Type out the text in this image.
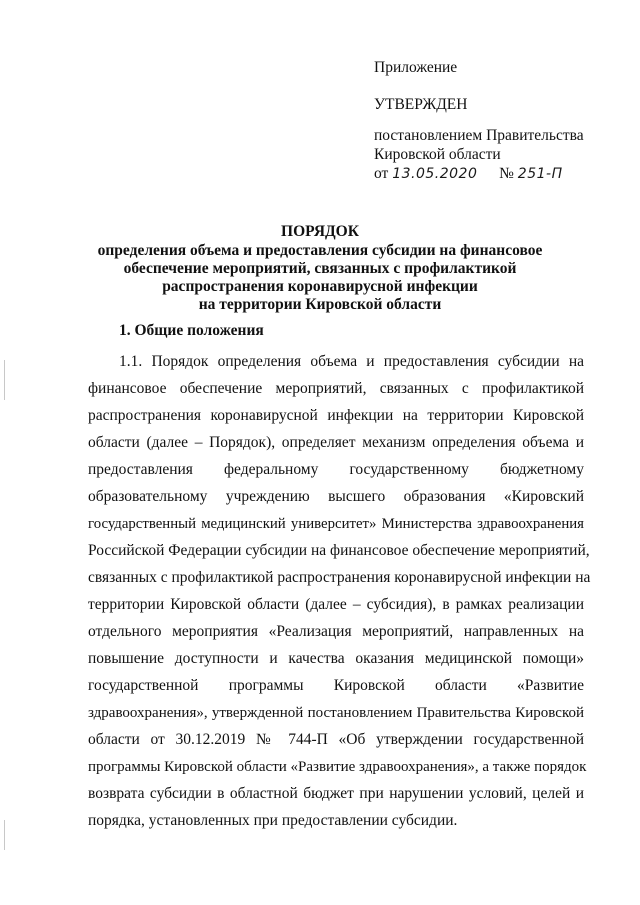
Приложение
УТВЕРЖДЕН
постановлением Правительства
Кировской области
от 13.05.2020 № 251-П
ПОРЯДОК
определения объема и предоставления субсидии на финансовое
обеспечение мероприятий, связанных с профилактикой
распространения коронавирусной инфекции
на территории Кировской области
1. Общие положения
1.1. Порядок определения объема и предоставления субсидии на
финансовое обеспечение мероприятий, связанных с профилактикой
распространения коронавирусной инфекции на территории Кировской
области (далее – Порядок), определяет механизм определения объема и
предоставления федеральному государственному бюджетному
образовательному учреждению высшего образования «Кировский
государственный медицинский университет» Министерства здравоохранения
Российской Федерации субсидии на финансовое обеспечение мероприятий,
связанных с профилактикой распространения коронавирусной инфекции на
территории Кировской области (далее – субсидия), в рамках реализации
отдельного мероприятия «Реализация мероприятий, направленных на
повышение доступности и качества оказания медицинской помощи»
государственной программы Кировской области «Развитие
здравоохранения», утвержденной постановлением Правительства Кировской
области от 30.12.2019 № 744-П «Об утверждении государственной
программы Кировской области «Развитие здравоохранения», а также порядок
возврата субсидии в областной бюджет при нарушении условий, целей и
порядка, установленных при предоставлении субсидии.
